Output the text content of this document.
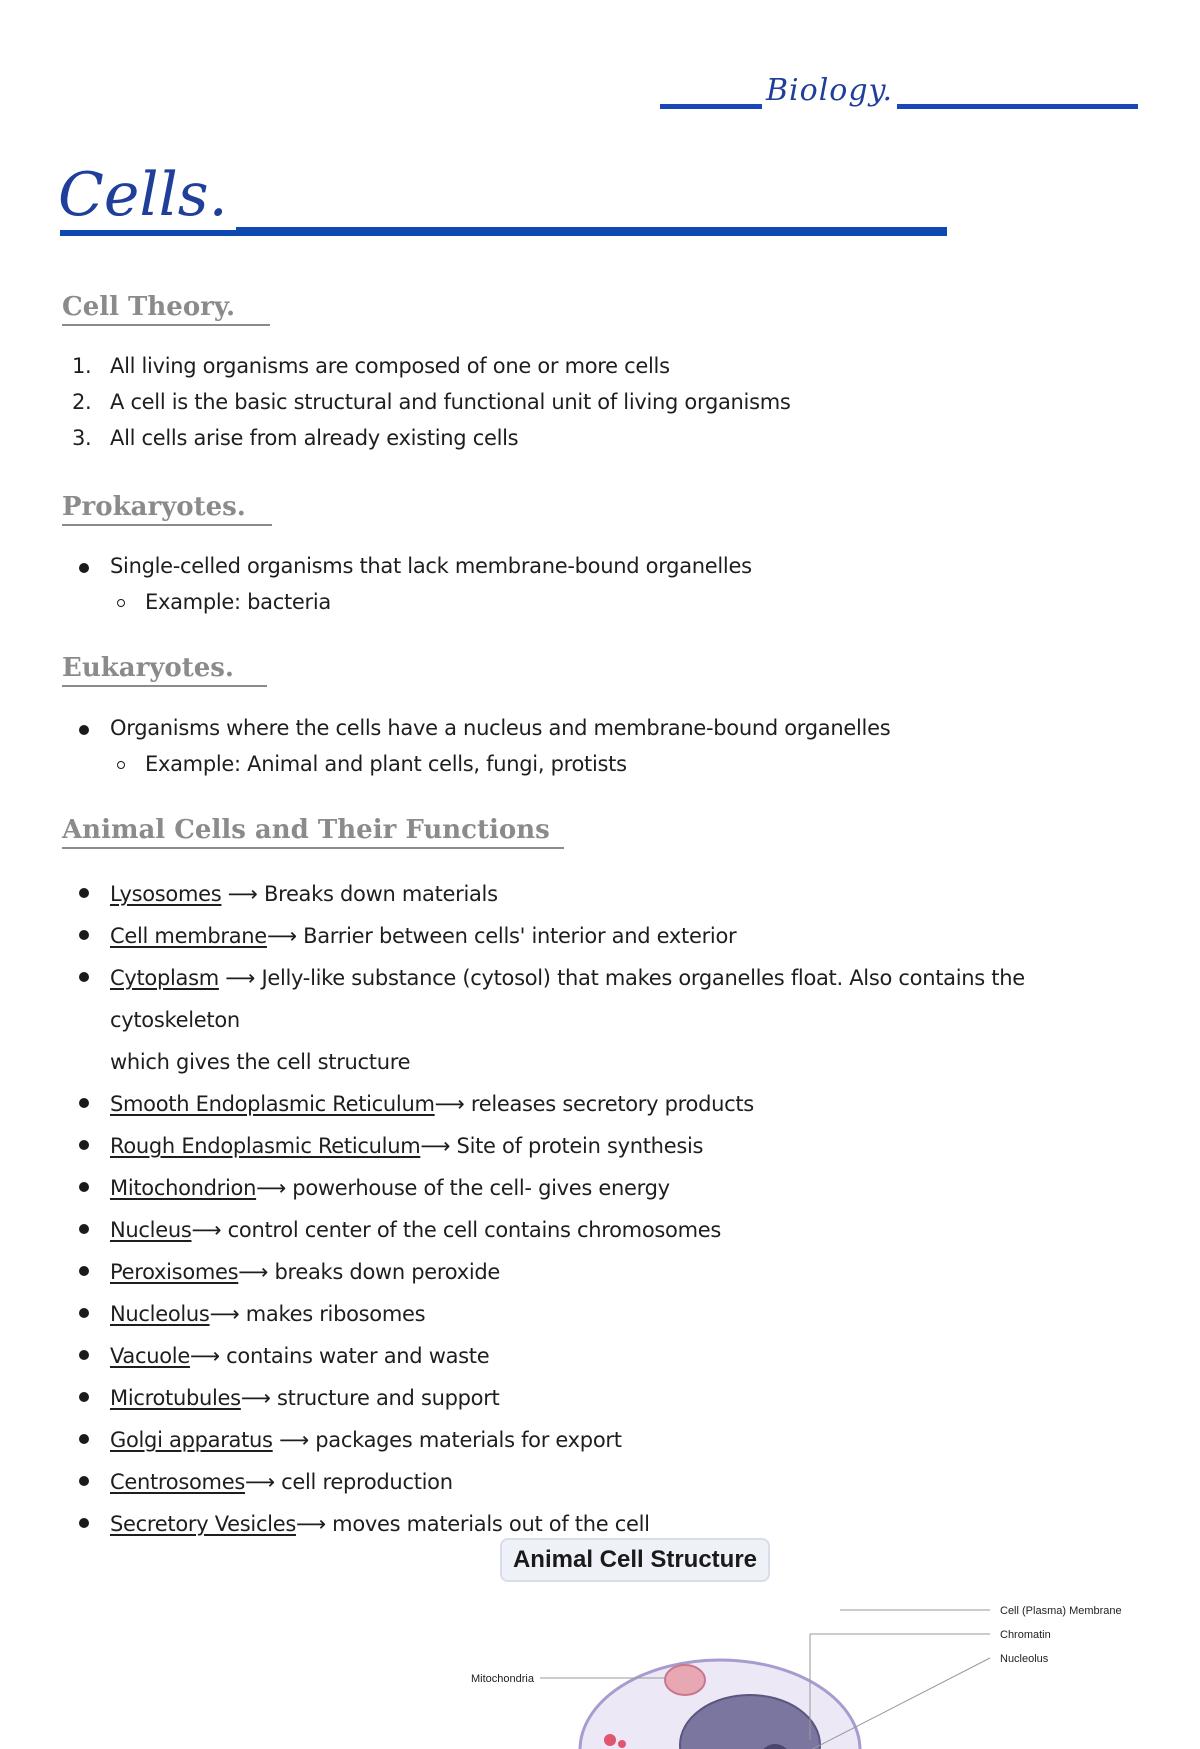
Biology.
Cells.
Cell Theory.
1. All living organisms are composed of one or more cells
2. A cell is the basic structural and functional unit of living organisms
3. All cells arise from already existing cells
Prokaryotes.
Single-celled organisms that lack membrane-bound organelles
Example: bacteria
Eukaryotes.
Organisms where the cells have a nucleus and membrane-bound organelles
Example: Animal and plant cells, fungi, protists
Animal Cells and Their Functions
Lysosomes ⟶ Breaks down materials
Cell membrane⟶ Barrier between cells' interior and exterior
Cytoplasm ⟶ Jelly-like substance (cytosol) that makes organelles float. Also contains the cytoskeleton
which gives the cell structure
Smooth Endoplasmic Reticulum⟶ releases secretory products
Rough Endoplasmic Reticulum⟶ Site of protein synthesis
Mitochondrion⟶ powerhouse of the cell- gives energy
Nucleus⟶ control center of the cell contains chromosomes
Peroxisomes⟶ breaks down peroxide
Nucleolus⟶ makes ribosomes
Vacuole⟶ contains water and waste
Microtubules⟶ structure and support
Golgi apparatus ⟶ packages materials for export
Centrosomes⟶ cell reproduction
Secretory Vesicles⟶ moves materials out of the cell
Animal Cell Structure
Mitochondria
Cell (Plasma) Membrane
Chromatin
Nucleolus
